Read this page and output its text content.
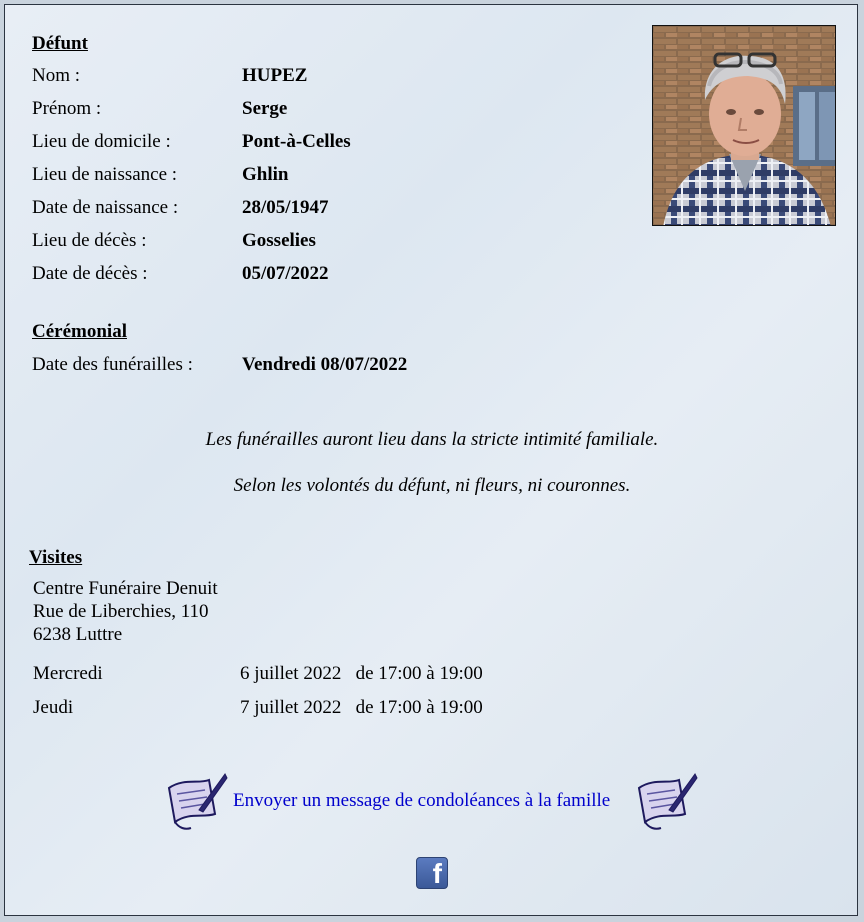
Défunt
Nom :	HUPEZ
Prénom :	Serge
Lieu de domicile :	Pont-à-Celles
Lieu de naissance :	Ghlin
Date de naissance :	28/05/1947
Lieu de décès :	Gosselies
Date de décès :	05/07/2022
Cérémonial
Date des funérailles :	Vendredi 08/07/2022
Les funérailles auront lieu dans la stricte intimité familiale.
Selon les volontés du défunt, ni fleurs, ni couronnes.
Visites
Centre Funéraire Denuit
Rue de Liberchies, 110
6238 Luttre
Mercredi	6 juillet 2022 de 17:00 à 19:00
Jeudi	7 juillet 2022 de 17:00 à 19:00
Envoyer un message de condoléances à la famille
f
